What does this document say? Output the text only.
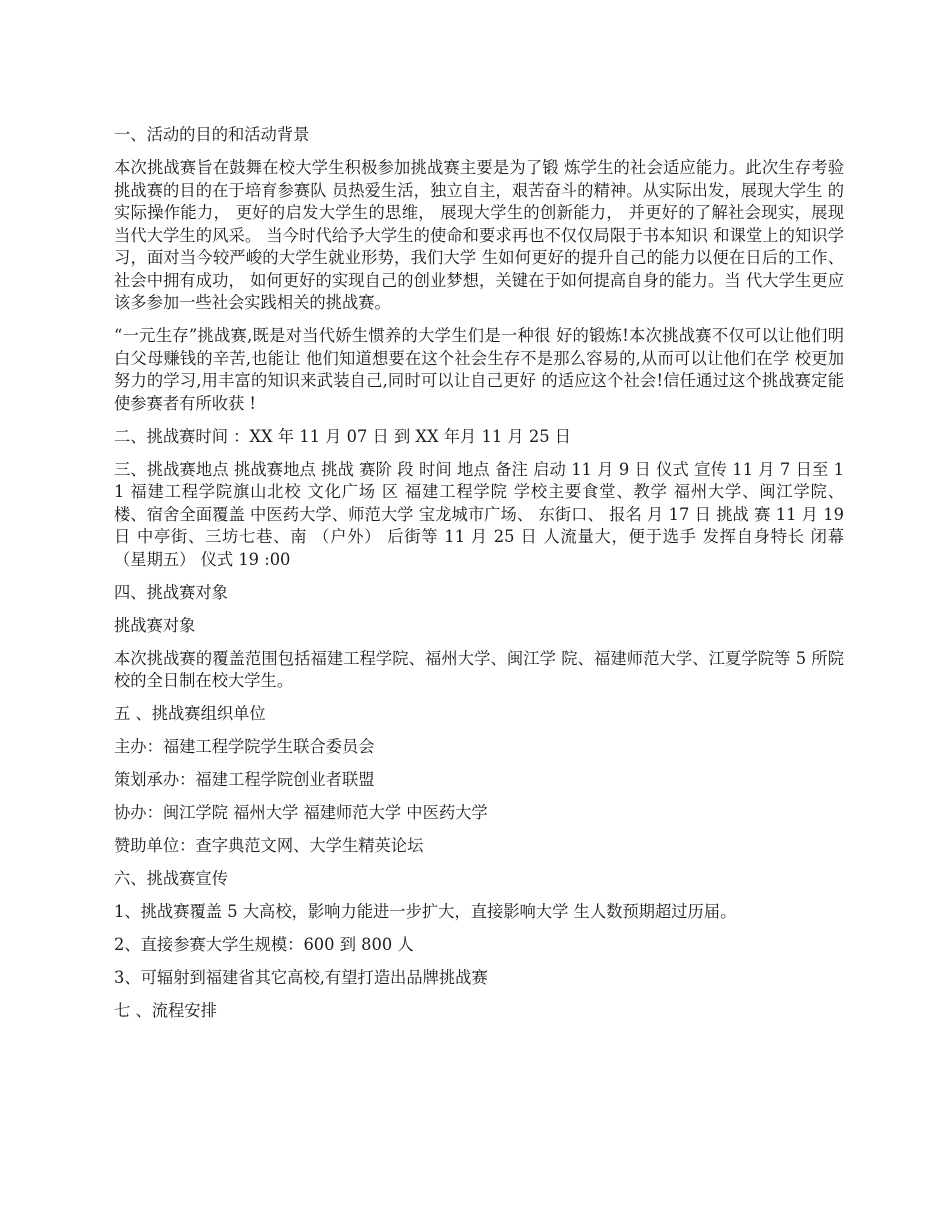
一、活动的目的和活动背景

本次挑战赛旨在鼓舞在校大学生积极参加挑战赛主要是为了锻 炼学生的社会适应能力。此次生存考验挑战赛的目的在于培育参赛队 员热爱生活，独立自主，艰苦奋斗的精神。从实际出发，展现大学生 的实际操作能力， 更好的启发大学生的思维， 展现大学生的创新能力， 并更好的了解社会现实，展现当代大学生的风采。 当今时代给予大学生的使命和要求再也不仅仅局限于书本知识 和课堂上的知识学习，面对当今较严峻的大学生就业形势，我们大学 生如何更好的提升自己的能力以便在日后的工作、社会中拥有成功， 如何更好的实现自己的创业梦想，关键在于如何提高自身的能力。当 代大学生更应该多参加一些社会实践相关的挑战赛。

“一元生存”挑战赛,既是对当代娇生惯养的大学生们是一种很 好的锻炼!本次挑战赛不仅可以让他们明白父母赚钱的辛苦,也能让 他们知道想要在这个社会生存不是那么容易的,从而可以让他们在学 校更加努力的学习,用丰富的知识来武装自己,同时可以让自己更好 的适应这个社会!信任通过这个挑战赛定能使参赛者有所收获 !

二、挑战赛时间 ：XX 年 11 月 07 日 到 XX 年月 11 月 25 日

三、挑战赛地点 挑战赛地点 挑战 赛阶 段 时间 地点 备注 启动 11 月 9 日 仪式 宣传 11 月 7 日至 11 福建工程学院旗山北校 文化广场 区 福建工程学院 学校主要食堂、教学 福州大学、闽江学院、 楼、宿舍全面覆盖 中医药大学、师范大学 宝龙城市广场、 东街口、 报名 月 17 日 挑战 赛 11 月 19 日 中亭街、三坊七巷、南 （户外） 后街等 11 月 25 日 人流量大，便于选手 发挥自身特长 闭幕 （星期五） 仪式 19 :00

四、挑战赛对象

挑战赛对象

本次挑战赛的覆盖范围包括福建工程学院、福州大学、闽江学 院、福建师范大学、江夏学院等 5 所院校的全日制在校大学生。

五 、挑战赛组织单位

主办：福建工程学院学生联合委员会

策划承办：福建工程学院创业者联盟

协办：闽江学院 福州大学 福建师范大学 中医药大学

赞助单位：查字典范文网、大学生精英论坛

六、挑战赛宣传

1、挑战赛覆盖 5 大高校，影响力能进一步扩大，直接影响大学 生人数预期超过历届。

2、直接参赛大学生规模：600 到 800 人

3、可辐射到福建省其它高校,有望打造出品牌挑战赛

七 、流程安排
